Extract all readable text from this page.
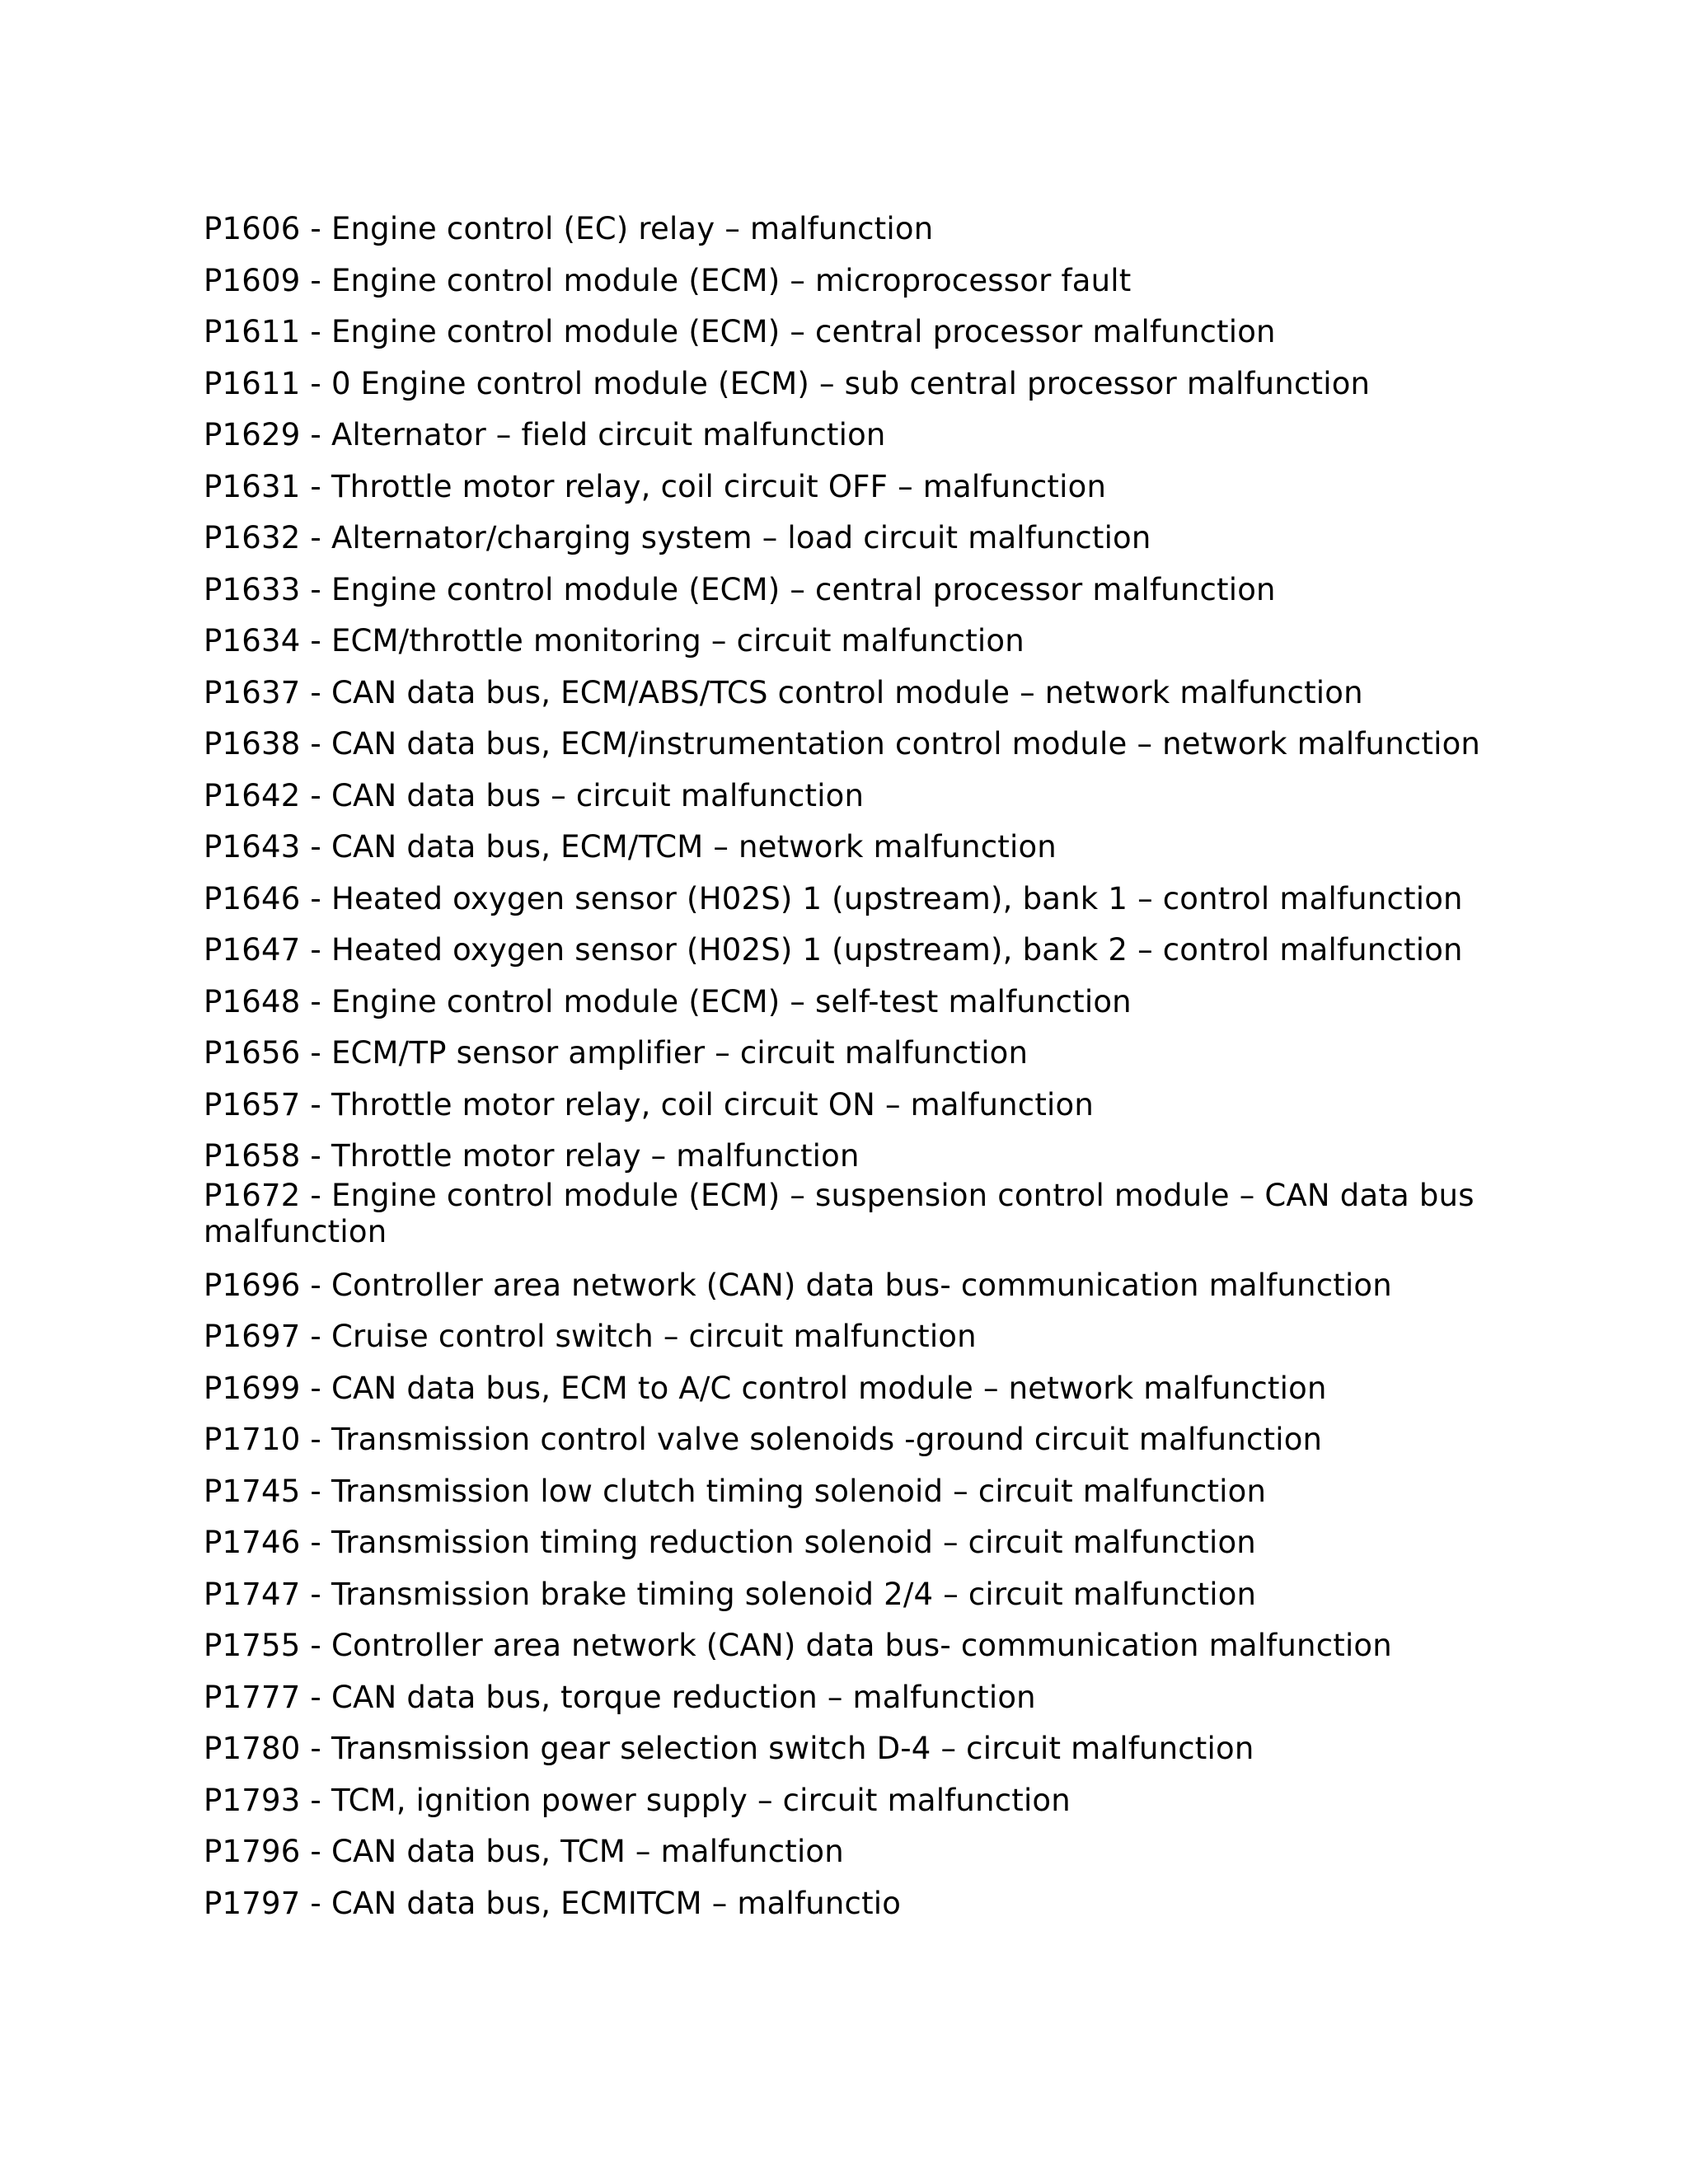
P1606 - Engine control (EC) relay – malfunction
P1609 - Engine control module (ECM) – microprocessor fault
P1611 - Engine control module (ECM) – central processor malfunction
P1611 - 0 Engine control module (ECM) – sub central processor malfunction
P1629 - Alternator – field circuit malfunction
P1631 - Throttle motor relay, coil circuit OFF – malfunction
P1632 - Alternator/charging system – load circuit malfunction
P1633 - Engine control module (ECM) – central processor malfunction
P1634 - ECM/throttle monitoring – circuit malfunction
P1637 - CAN data bus, ECM/ABS/TCS control module – network malfunction
P1638 - CAN data bus, ECM/instrumentation control module – network malfunction
P1642 - CAN data bus – circuit malfunction
P1643 - CAN data bus, ECM/TCM – network malfunction
P1646 - Heated oxygen sensor (H02S) 1 (upstream), bank 1 – control malfunction
P1647 - Heated oxygen sensor (H02S) 1 (upstream), bank 2 – control malfunction
P1648 - Engine control module (ECM) – self-test malfunction
P1656 - ECM/TP sensor amplifier – circuit malfunction
P1657 - Throttle motor relay, coil circuit ON – malfunction
P1658 - Throttle motor relay – malfunction
P1672 - Engine control module (ECM) – suspension control module – CAN data bus malfunction
P1696 - Controller area network (CAN) data bus- communication malfunction
P1697 - Cruise control switch – circuit malfunction
P1699 - CAN data bus, ECM to A/C control module – network malfunction
P1710 - Transmission control valve solenoids -ground circuit malfunction
P1745 - Transmission low clutch timing solenoid – circuit malfunction
P1746 - Transmission timing reduction solenoid – circuit malfunction
P1747 - Transmission brake timing solenoid 2/4 – circuit malfunction
P1755 - Controller area network (CAN) data bus- communication malfunction
P1777 - CAN data bus, torque reduction – malfunction
P1780 - Transmission gear selection switch D-4 – circuit malfunction
P1793 - TCM, ignition power supply – circuit malfunction
P1796 - CAN data bus, TCM – malfunction
P1797 - CAN data bus, ECMITCM – malfunctio
